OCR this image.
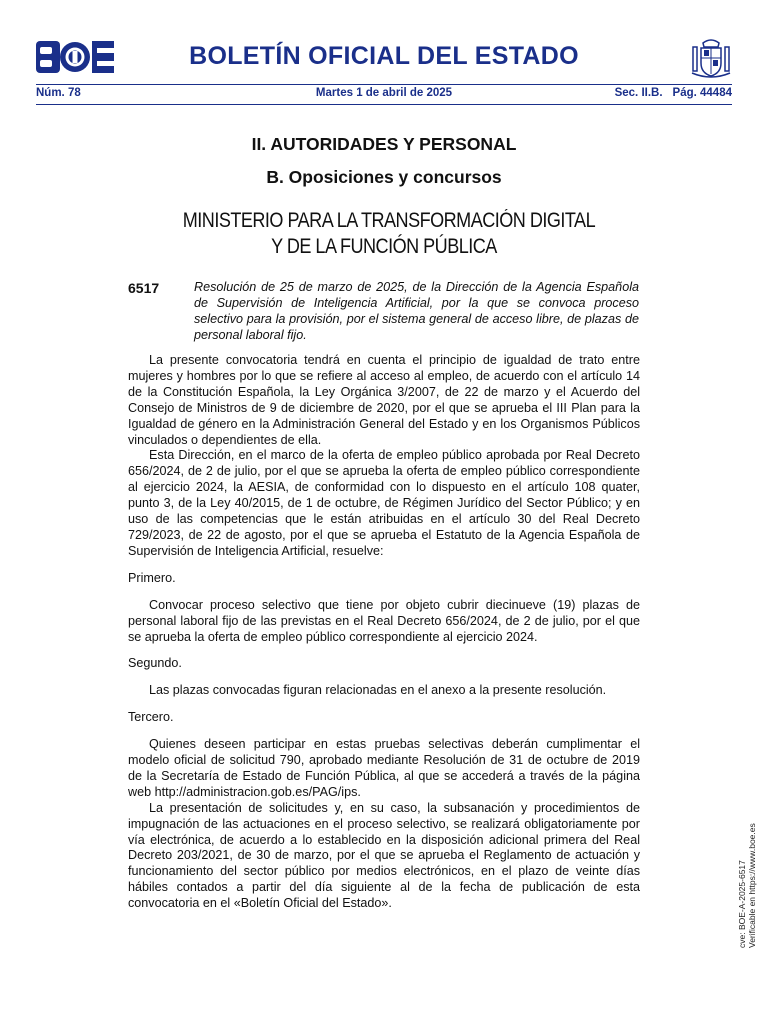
BOLETÍN OFICIAL DEL ESTADO
Núm. 78	Martes 1 de abril de 2025	Sec. II.B. Pág. 44484
II. AUTORIDADES Y PERSONAL
B. Oposiciones y concursos
MINISTERIO PARA LA TRANSFORMACIÓN DIGITAL
Y DE LA FUNCIÓN PÚBLICA
6517	Resolución de 25 de marzo de 2025, de la Dirección de la Agencia Española de Supervisión de Inteligencia Artificial, por la que se convoca proceso selectivo para la provisión, por el sistema general de acceso libre, de plazas de personal laboral fijo.

La presente convocatoria tendrá en cuenta el principio de igualdad de trato entre mujeres y hombres por lo que se refiere al acceso al empleo, de acuerdo con el artículo 14 de la Constitución Española, la Ley Orgánica 3/2007, de 22 de marzo y el Acuerdo del Consejo de Ministros de 9 de diciembre de 2020, por el que se aprueba el III Plan para la Igualdad de género en la Administración General del Estado y en los Organismos Públicos vinculados o dependientes de ella.

Esta Dirección, en el marco de la oferta de empleo público aprobada por Real Decreto 656/2024, de 2 de julio, por el que se aprueba la oferta de empleo público correspondiente al ejercicio 2024, la AESIA, de conformidad con lo dispuesto en el artículo 108 quater, punto 3, de la Ley 40/2015, de 1 de octubre, de Régimen Jurídico del Sector Público; y en uso de las competencias que le están atribuidas en el artículo 30 del Real Decreto 729/2023, de 22 de agosto, por el que se aprueba el Estatuto de la Agencia Española de Supervisión de Inteligencia Artificial, resuelve:

Primero.

Convocar proceso selectivo que tiene por objeto cubrir diecinueve (19) plazas de personal laboral fijo de las previstas en el Real Decreto 656/2024, de 2 de julio, por el que se aprueba la oferta de empleo público correspondiente al ejercicio 2024.

Segundo.

Las plazas convocadas figuran relacionadas en el anexo a la presente resolución.

Tercero.

Quienes deseen participar en estas pruebas selectivas deberán cumplimentar el modelo oficial de solicitud 790, aprobado mediante Resolución de 31 de octubre de 2019 de la Secretaría de Estado de Función Pública, al que se accederá a través de la página web http://administracion.gob.es/PAG/ips.

La presentación de solicitudes y, en su caso, la subsanación y procedimientos de impugnación de las actuaciones en el proceso selectivo, se realizará obligatoriamente por vía electrónica, de acuerdo a lo establecido en la disposición adicional primera del Real Decreto 203/2021, de 30 de marzo, por el que se aprueba el Reglamento de actuación y funcionamiento del sector público por medios electrónicos, en el plazo de veinte días hábiles contados a partir del día siguiente al de la fecha de publicación de esta convocatoria en el «Boletín Oficial del Estado».	cve: BOE-A-2025-6517 Verificable en https://www.boe.es
